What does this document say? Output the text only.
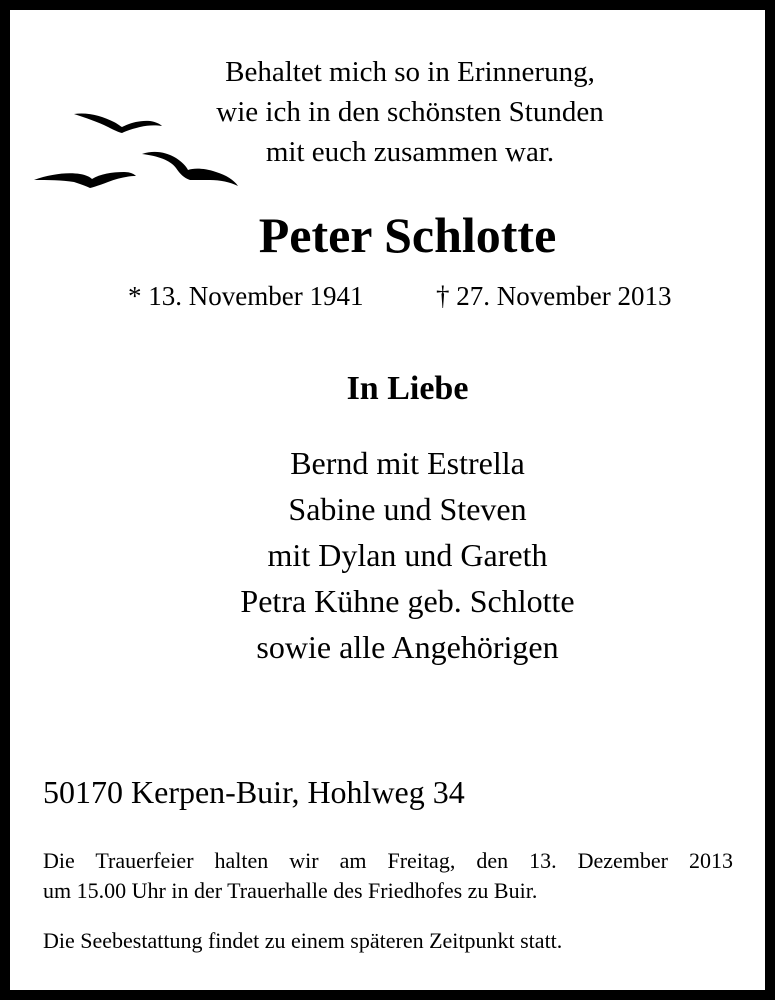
Behaltet mich so in Erinnerung,
wie ich in den schönsten Stunden
mit euch zusammen war.
Peter Schlotte
* 13. November 1941	† 27. November 2013
In Liebe
Bernd mit Estrella
Sabine und Steven
mit Dylan und Gareth
Petra Kühne geb. Schlotte
sowie alle Angehörigen
50170 Kerpen-Buir, Hohlweg 34
Die Trauerfeier halten wir am Freitag, den 13. Dezember 2013
um 15.00 Uhr in der Trauerhalle des Friedhofes zu Buir.
Die Seebestattung findet zu einem späteren Zeitpunkt statt.
